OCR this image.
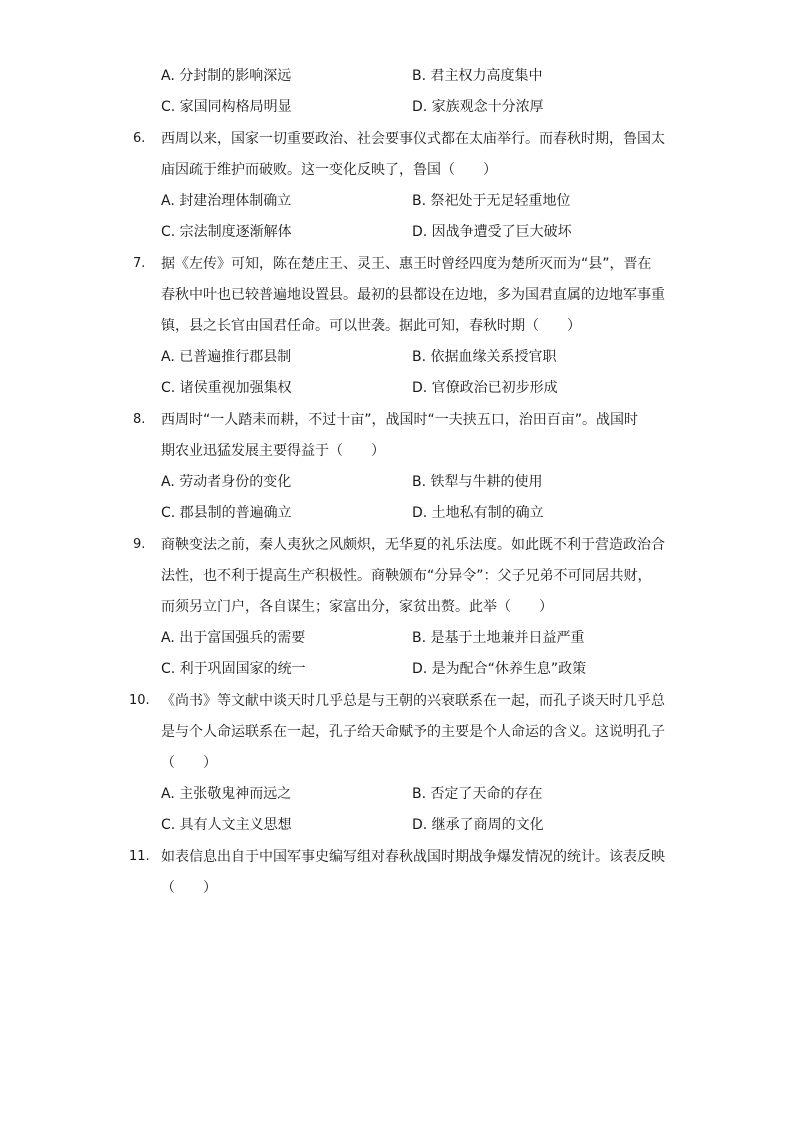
A. 分封制的影响深远	B. 君主权力高度集中
C. 家国同构格局明显	D. 家族观念十分浓厚
6. 西周以来，国家一切重要政治、社会要事仪式都在太庙举行。而春秋时期，鲁国太
庙因疏于维护而破败。这一变化反映了，鲁国（　　）
A. 封建治理体制确立	B. 祭祀处于无足轻重地位
C. 宗法制度逐渐解体	D. 因战争遭受了巨大破坏
7. 据《左传》可知，陈在楚庄王、灵王、惠王时曾经四度为楚所灭而为“县”，晋在
春秋中叶也已较普遍地设置县。最初的县都设在边地，多为国君直属的边地军事重
镇，县之长官由国君任命。可以世袭。据此可知，春秋时期（　　）
A. 已普遍推行郡县制	B. 依据血缘关系授官职
C. 诸侯重视加强集权	D. 官僚政治已初步形成
8. 西周时“一人踏耒而耕，不过十亩”，战国时“一夫挟五口，治田百亩”。战国时
期农业迅猛发展主要得益于（　　）
A. 劳动者身份的变化	B. 铁犁与牛耕的使用
C. 郡县制的普遍确立	D. 土地私有制的确立
9. 商鞅变法之前，秦人夷狄之风颇炽，无华夏的礼乐法度。如此既不利于营造政治合
法性，也不利于提高生产积极性。商鞅颁布“分异令”：父子兄弟不可同居共财，
而须另立门户，各自谋生；家富出分，家贫出赘。此举（　　）
A. 出于富国强兵的需要	B. 是基于土地兼并日益严重
C. 利于巩固国家的统一	D. 是为配合“休养生息”政策
10. 《尚书》等文献中谈天时几乎总是与王朝的兴衰联系在一起，而孔子谈天时几乎总
是与个人命运联系在一起，孔子给天命赋予的主要是个人命运的含义。这说明孔子
（　　）
A. 主张敬鬼神而远之	B. 否定了天命的存在
C. 具有人文主义思想	D. 继承了商周的文化
11. 如表信息出自于中国军事史编写组对春秋战国时期战争爆发情况的统计。该表反映
（　　）
